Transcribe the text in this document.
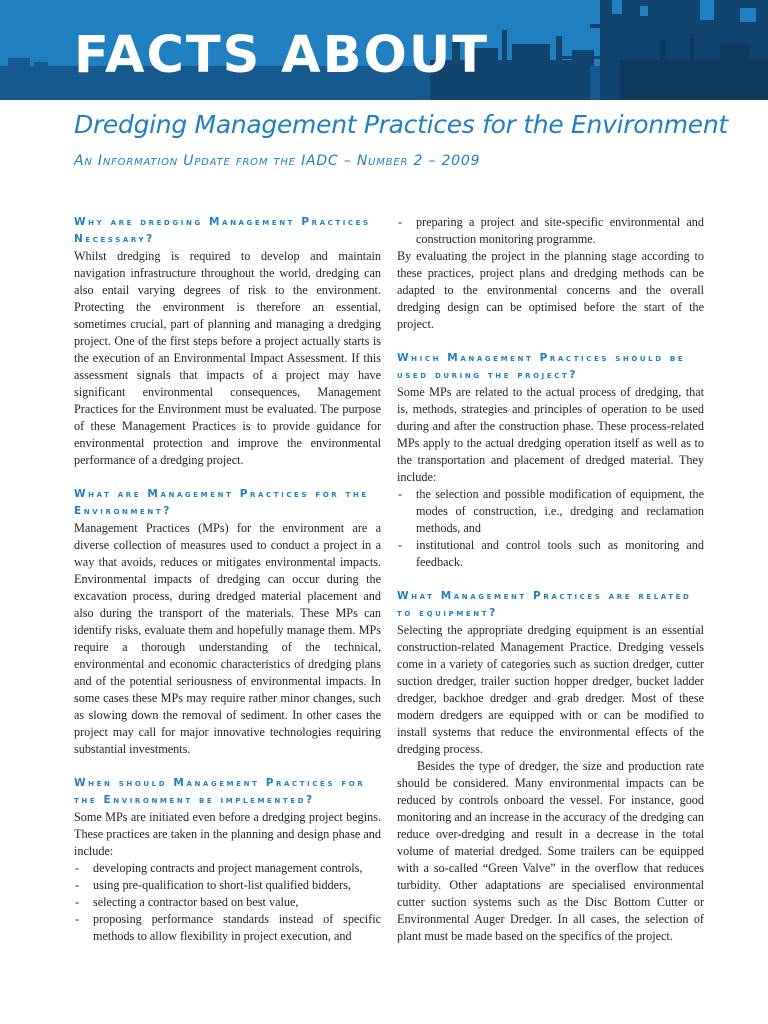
FACTS ABOUT
Dredging Management Practices for the Environment

An Information Update from the IADC – Number 2 – 2009

Why are dredging Management Practices Necessary?

Whilst dredging is required to develop and maintain navigation infrastructure throughout the world, dredging can also entail varying degrees of risk to the environment. Protecting the environment is therefore an essential, sometimes crucial, part of planning and managing a dredging project. One of the first steps before a project actually starts is the execution of an Environmental Impact Assessment. If this assessment signals that impacts of a project may have significant environmental consequences, Management Practices for the Environment must be evaluated. The purpose of these Management Practices is to provide guidance for environmental protection and improve the environmental performance of a dredging project.

What are Management Practices for the Environment?

Management Practices (MPs) for the environment are a diverse collection of measures used to conduct a project in a way that avoids, reduces or mitigates environmental impacts. Environmental impacts of dredging can occur during the excavation process, during dredged material placement and also during the transport of the materials. These MPs can identify risks, evaluate them and hopefully manage them. MPs require a thorough understanding of the technical, environmental and economic characteristics of dredging plans and of the potential seriousness of environmental impacts. In some cases these MPs may require rather minor changes, such as slowing down the removal of sediment. In other cases the project may call for major innovative technologies requiring substantial investments.

When should Management Practices for the Environment be implemented?

Some MPs are initiated even before a dredging project begins. These practices are taken in the planning and design phase and include:

- developing contracts and project management controls,
- using pre-qualification to short-list qualified bidders,
- selecting a contractor based on best value,
- proposing performance standards instead of specific methods to allow flexibility in project execution, and
- preparing a project and site-specific environmental and construction monitoring programme.

By evaluating the project in the planning stage according to these practices, project plans and dredging methods can be adapted to the environmental concerns and the overall dredging design can be optimised before the start of the project.

Which Management Practices should be used during the project?

Some MPs are related to the actual process of dredging, that is, methods, strategies and principles of operation to be used during and after the construction phase. These process-related MPs apply to the actual dredging operation itself as well as to the transportation and placement of dredged material. They include:

- the selection and possible modification of equipment, the modes of construction, i.e., dredging and reclamation methods, and
- institutional and control tools such as monitoring and feedback.
What Management Practices are related to equipment?

Selecting the appropriate dredging equipment is an essential construction-related Management Practice. Dredging vessels come in a variety of categories such as suction dredger, cutter suction dredger, trailer suction hopper dredger, bucket ladder dredger, backhoe dredger and grab dredger. Most of these modern dredgers are equipped with or can be modified to install systems that reduce the environmental effects of the dredging process.

Besides the type of dredger, the size and production rate should be considered. Many environmental impacts can be reduced by controls onboard the vessel. For instance, good monitoring and an increase in the accuracy of the dredging can reduce over-dredging and result in a decrease in the total volume of material dredged. Some trailers can be equipped with a so-called “Green Valve” in the overflow that reduces turbidity. Other adaptations are specialised environmental cutter suction systems such as the Disc Bottom Cutter or Environmental Auger Dredger. In all cases, the selection of plant must be made based on the specifics of the project.
